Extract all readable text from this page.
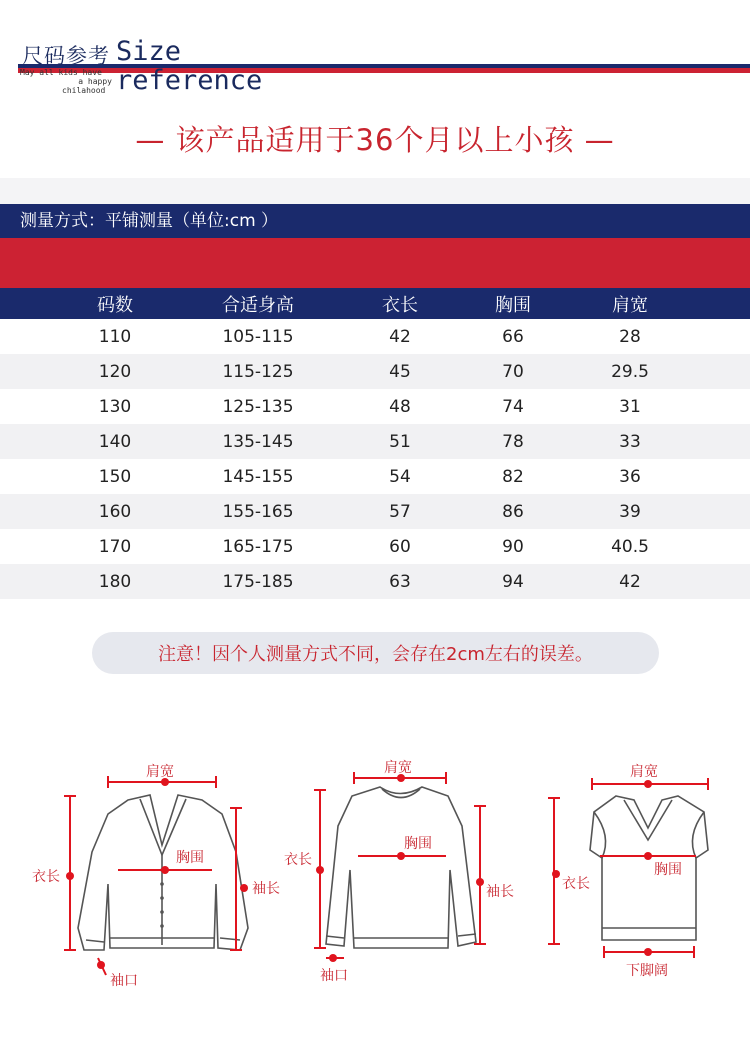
尺码参考 Size
reference
May all kids have
a happy
chilahood
— 该产品适用于36个月以上小孩 —
测量方式：平铺测量（单位:cm ）
码数	合适身高	衣长	胸围	肩宽
110	105-115	42	66	28
120	115-125	45	70	29.5
130	125-135	48	74	31
140	135-145	51	78	33
150	145-155	54	82	36
160	155-165	57	86	39
170	165-175	60	90	40.5
180	175-185	63	94	42
注意！因个人测量方式不同，会存在2cm左右的误差。
肩宽
胸围
衣长
袖长
袖口
肩宽
胸围
衣长
袖长
袖口
肩宽
胸围
衣长
下脚阔
